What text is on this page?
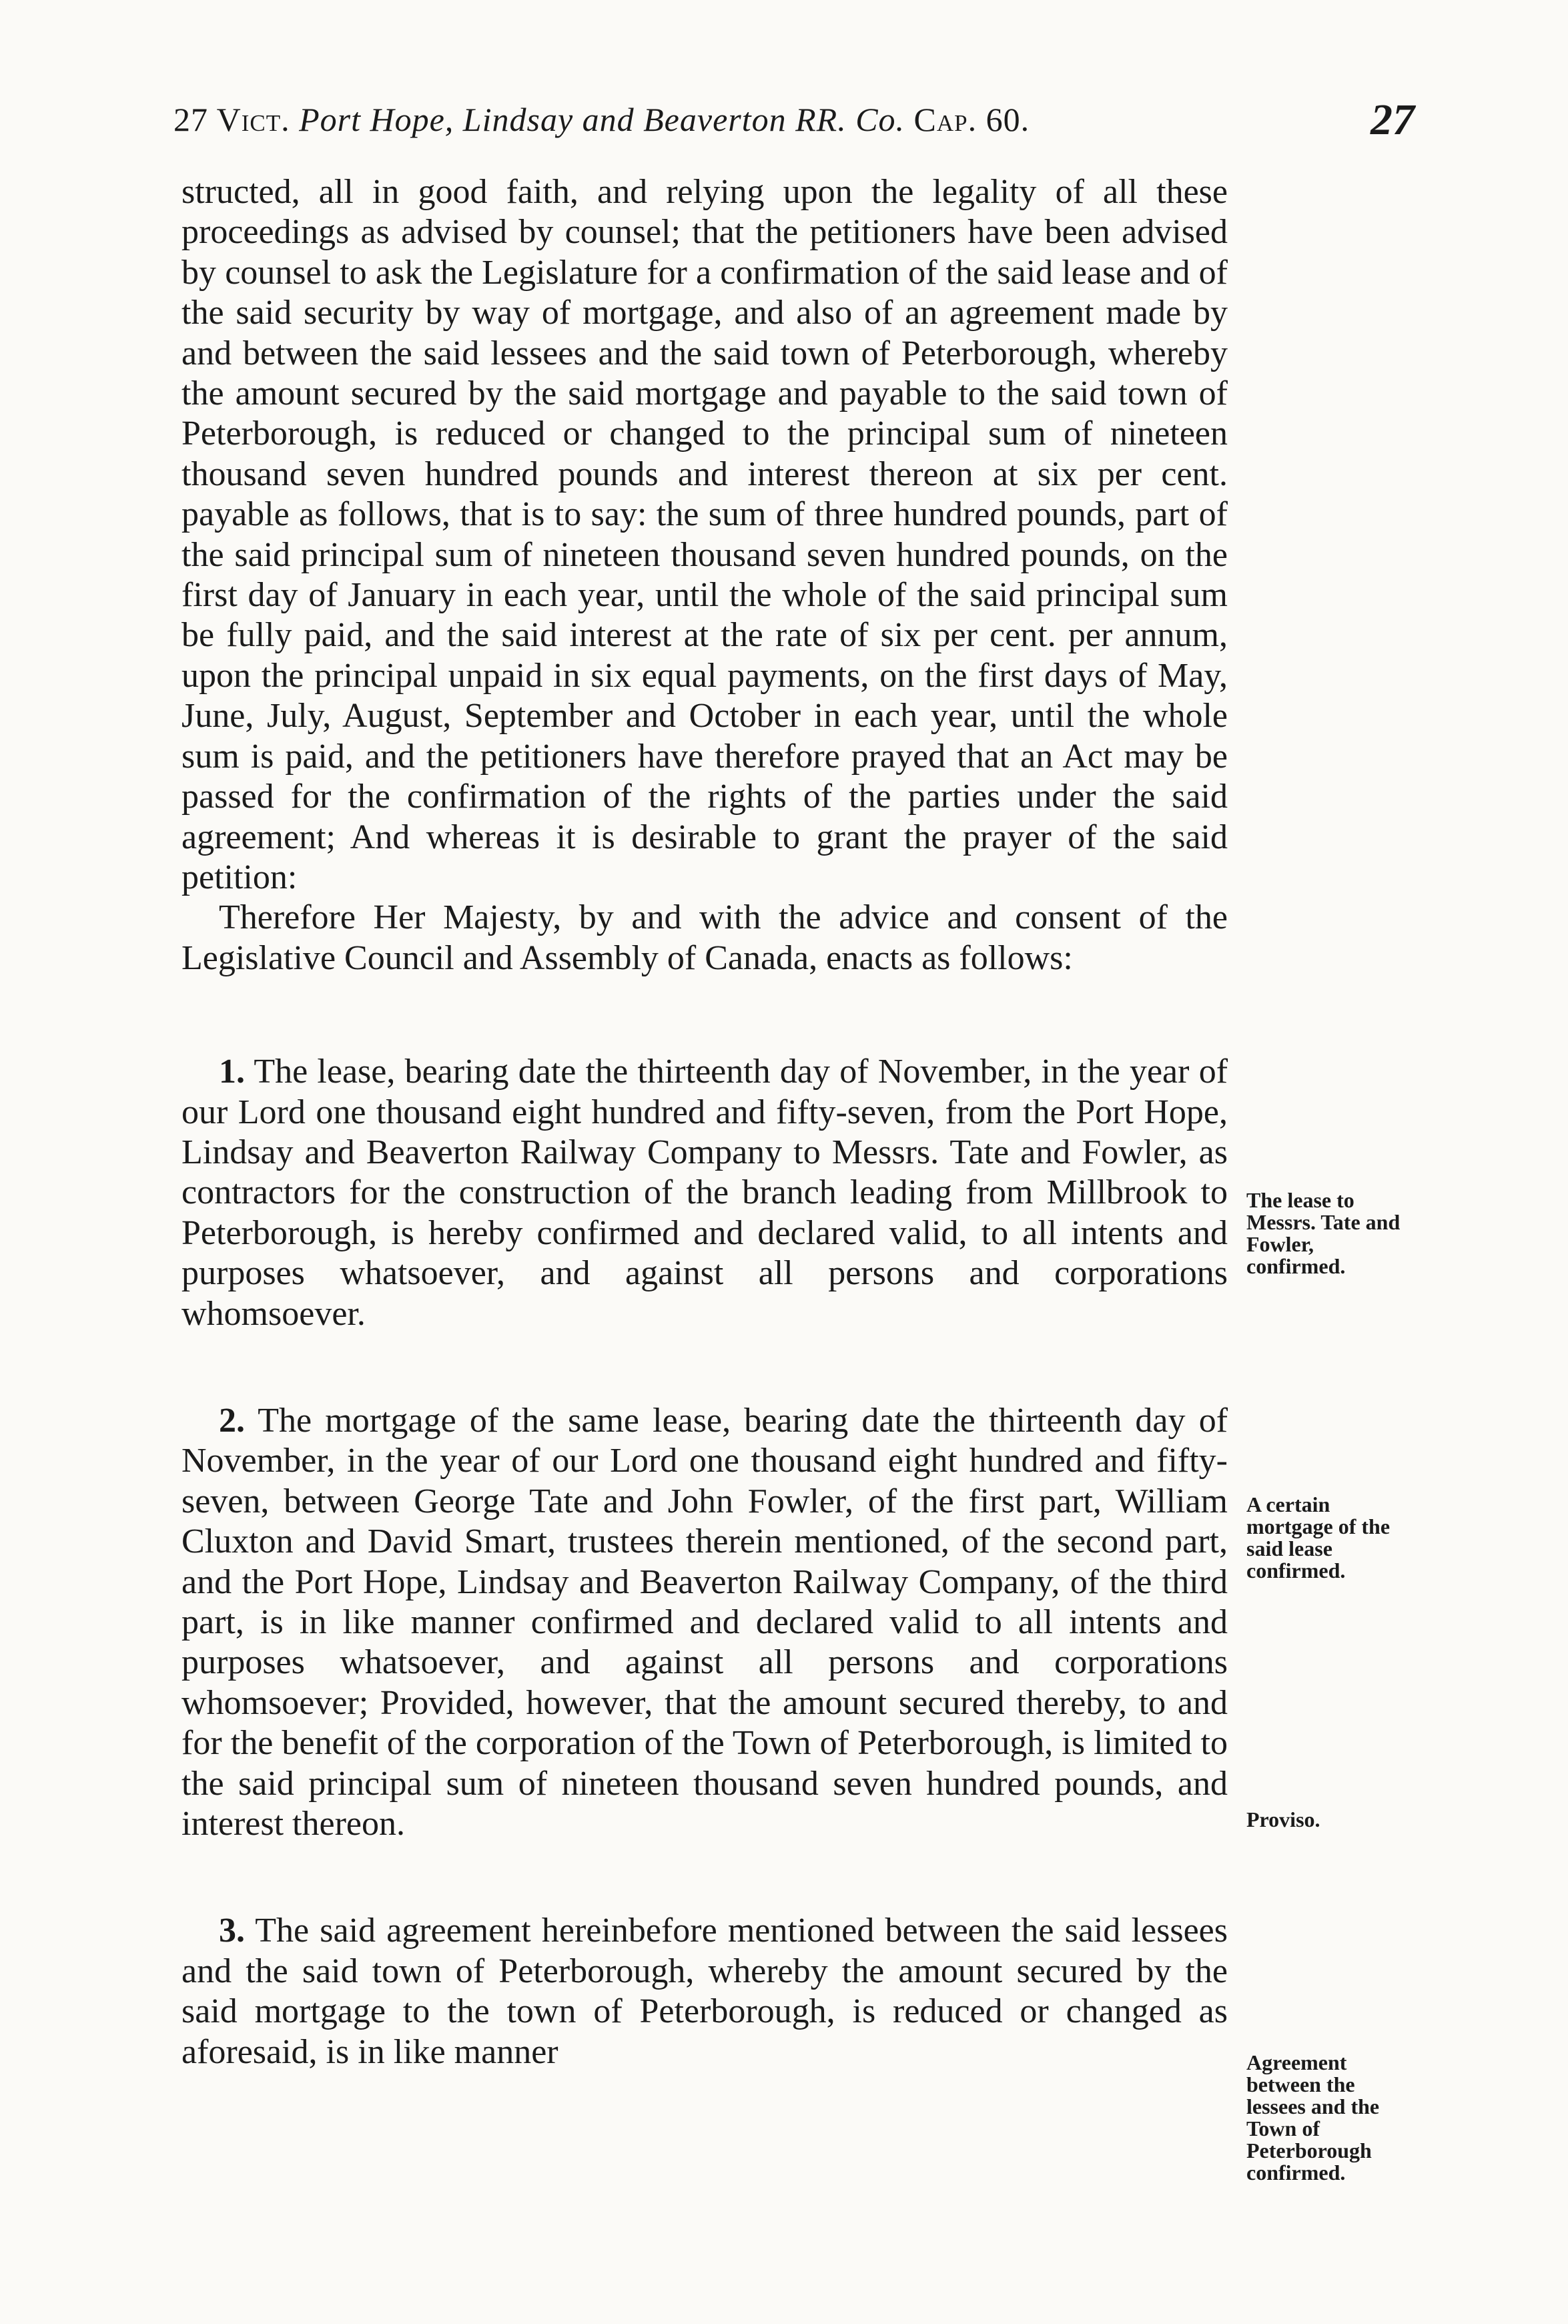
27 Vict. Port Hope, Lindsay and Beaverton RR. Co. Cap. 60.	27

structed, all in good faith, and relying upon the legality of all these proceedings as advised by counsel; that the petitioners have been advised by counsel to ask the Legislature for a confirmation of the said lease and of the said security by way of mortgage, and also of an agreement made by and between the said lessees and the said town of Peterborough, whereby the amount secured by the said mortgage and payable to the said town of Peterborough, is reduced or changed to the principal sum of nineteen thousand seven hundred pounds and interest thereon at six per cent. payable as follows, that is to say: the sum of three hundred pounds, part of the said principal sum of nineteen thousand seven hundred pounds, on the first day of January in each year, until the whole of the said principal sum be fully paid, and the said interest at the rate of six per cent. per annum, upon the principal unpaid in six equal payments, on the first days of May, June, July, August, September and October in each year, until the whole sum is paid, and the petitioners have therefore prayed that an Act may be passed for the confirmation of the rights of the parties under the said agreement; And whereas it is desirable to grant the prayer of the said petition:

Therefore Her Majesty, by and with the advice and consent of the Legislative Council and Assembly of Canada, enacts as follows:

1. The lease, bearing date the thirteenth day of November, in the year of our Lord one thousand eight hundred and fifty-seven, from the Port Hope, Lindsay and Beaverton Railway Company to Messrs. Tate and Fowler, as contractors for the construction of the branch leading from Millbrook to Peterborough, is hereby confirmed and declared valid, to all intents and purposes whatsoever, and against all persons and corporations whomsoever.

2. The mortgage of the same lease, bearing date the thirteenth day of November, in the year of our Lord one thousand eight hundred and fifty-seven, between George Tate and John Fowler, of the first part, William Cluxton and David Smart, trustees therein mentioned, of the second part, and the Port Hope, Lindsay and Beaverton Railway Company, of the third part, is in like manner confirmed and declared valid to all intents and purposes whatsoever, and against all persons and corporations whomsoever; Provided, however, that the amount secured thereby, to and for the benefit of the corporation of the Town of Peterborough, is limited to the said principal sum of nineteen thousand seven hundred pounds, and interest thereon.

3. The said agreement hereinbefore mentioned between the said lessees and the said town of Peterborough, whereby the amount secured by the said mortgage to the town of Peterborough, is reduced or changed as aforesaid, is in like manner

The lease to Messrs. Tate and Fowler, confirmed.
A certain mortgage of the said lease confirmed.
Proviso.
Agreement between the lessees and the Town of Peterborough confirmed.
